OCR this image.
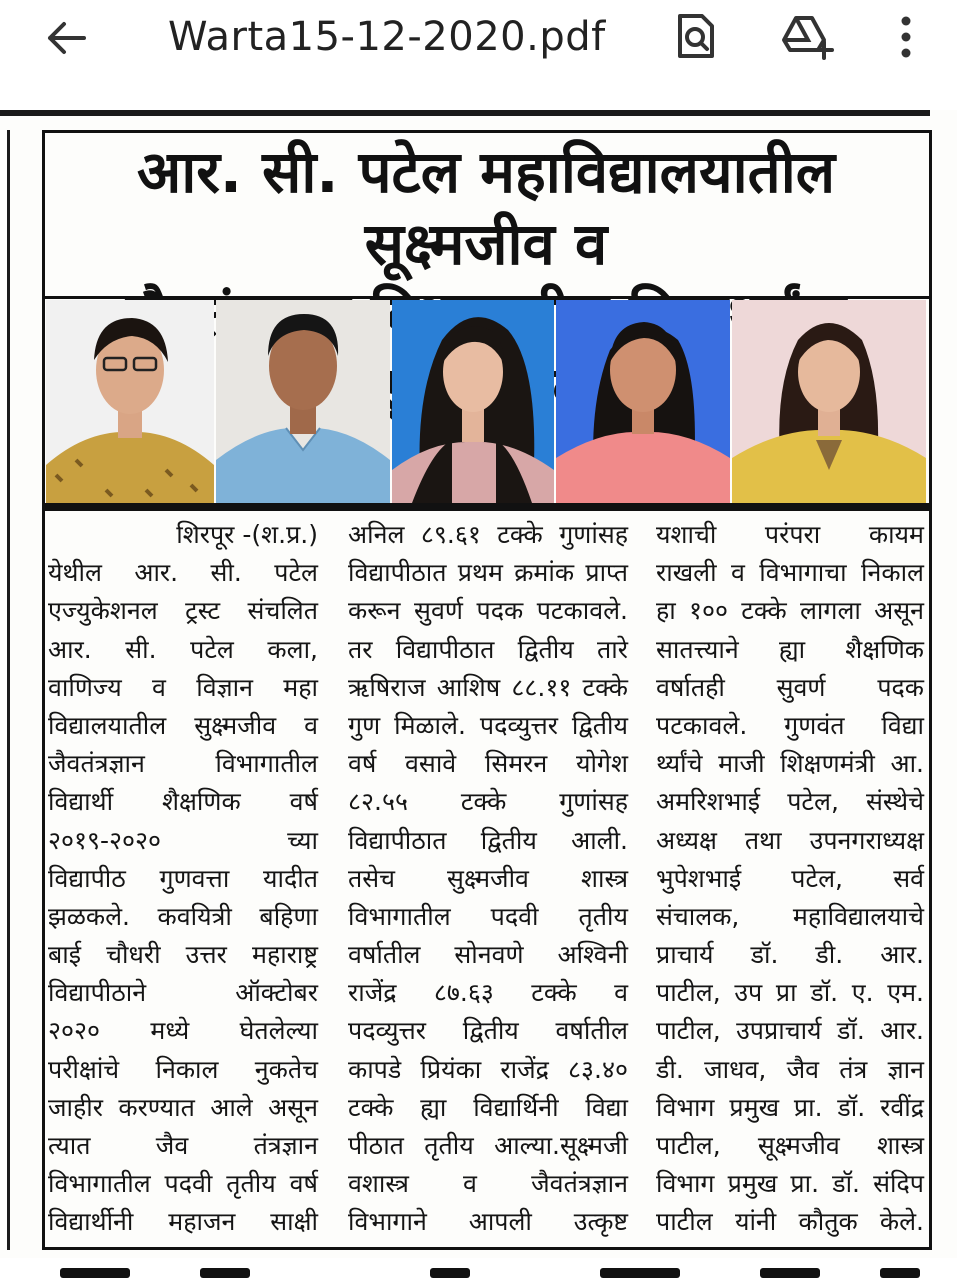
Warta15-12-2020.pdf
आर. सी. पटेल महाविद्यालयातील सूक्ष्मजीव व
शिरपूर -(श.प्र.)
येथील आर. सी. पटेल
एज्युकेशनल ट्रस्ट संचलित
आर. सी. पटेल कला,
वाणिज्य व विज्ञान महा
विद्यालयातील सुक्ष्मजीव व
जैवतंत्रज्ञान विभागातील
विद्यार्थी शैक्षणिक वर्ष
२०१९-२०२० च्या
विद्यापीठ गुणवत्ता यादीत
झळकले. कवयित्री बहिणा
बाई चौधरी उत्तर महाराष्ट्र
विद्यापीठाने ऑक्टोबर
२०२० मध्ये घेतलेल्या
परीक्षांचे निकाल नुकतेच
जाहीर करण्यात आले असून
त्यात जैव तंत्रज्ञान
विभागातील पदवी तृतीय वर्ष
विद्यार्थीनी महाजन साक्षी
अनिल ८९.६१ टक्के गुणांसह
विद्यापीठात प्रथम क्रमांक प्राप्त
करून सुवर्ण पदक पटकावले.
तर विद्यापीठात द्वितीय तारे
ऋषिराज आशिष ८८.११ टक्के
गुण मिळाले. पदव्युत्तर द्वितीय
वर्ष वसावे सिमरन योगेश
८२.५५ टक्के गुणांसह
विद्यापीठात द्वितीय आली.
तसेच सुक्ष्मजीव शास्त्र
विभागातील पदवी तृतीय
वर्षातील सोनवणे अश्विनी
राजेंद्र ८७.६३ टक्के व
पदव्युत्तर द्वितीय वर्षातील
कापडे प्रियंका राजेंद्र ८३.४०
टक्के ह्या विद्यार्थिनी विद्या
पीठात तृतीय आल्या.सूक्ष्मजी
वशास्त्र व जैवतंत्रज्ञान
विभागाने आपली उत्कृष्ट
यशाची परंपरा कायम
राखली व विभागाचा निकाल
हा १०० टक्के लागला असून
सातत्त्याने ह्या शैक्षणिक
वर्षातही सुवर्ण पदक
पटकावले. गुणवंत विद्या
र्थ्यांचे माजी शिक्षणमंत्री आ.
अमरिशभाई पटेल, संस्थेचे
अध्यक्ष तथा उपनगराध्यक्ष
भुपेशभाई पटेल, सर्व
संचालक, महाविद्यालयाचे
प्राचार्य डॉ. डी. आर.
पाटील, उप प्रा डॉ. ए. एम.
पाटील, उपप्राचार्य डॉ. आर.
डी. जाधव, जैव तंत्र ज्ञान
विभाग प्रमुख प्रा. डॉ. रवींद्र
पाटील, सूक्ष्मजीव शास्त्र
विभाग प्रमुख प्रा. डॉ. संदिप
पाटील यांनी कौतुक केले.
